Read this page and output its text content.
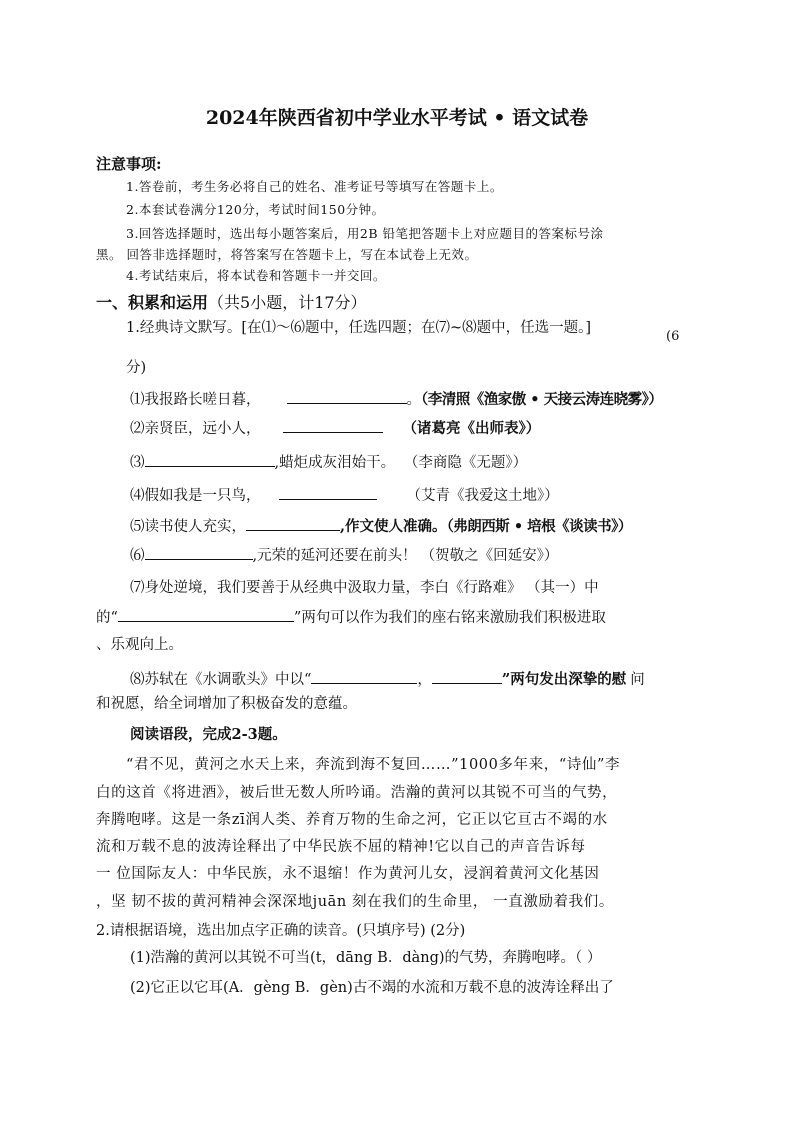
2024年陕西省初中学业水平考试 • 语文试卷
注意事项:
1.答卷前，考生务必将自己的姓名、准考证号等填写在答题卡上。
2.本套试卷满分120分，考试时间150分钟。
3.回答选择题时，选出每小题答案后，用2B 铅笔把答题卡上对应题目的答案标号涂
黑。 回答非选择题时，将答案写在答题卡上，写在本试卷上无效。
4.考试结束后，将本试卷和答题卡一并交回。
一、积累和运用（共5小题，计17分）
1.经典诗文默写。[在⑴～⑹题中，任选四题；在⑺~⑻题中，任选一题。]
(6
分)
⑴我报路长嗟日暮，	。（李清照《渔家傲 • 天接云涛连晓雾》）
⑵亲贤臣，远小人，	（诸葛亮《出师表》）
⑶	,蜡炬成灰泪始干。 （李商隐《无题》）
⑷假如我是一只鸟，	（艾青《我爱这土地》）
⑸读书使人充实，	,作文使人准确。（弗朗西斯 • 培根《谈读书》）
⑹	,元荣的延河还要在前头！ （贺敬之《回延安》）
⑺身处逆境，我们要善于从经典中汲取力量，李白《行路难》 （其一）中
的“	”两句可以作为我们的座右铭来激励我们积极进取
、乐观向上。
⑻苏轼在《水调歌头》中以“	，	”两句发出深挚的慰 问
和祝愿，给全词增加了积极奋发的意蕴。
阅读语段，完成2-3题。
“君不见，黄河之水天上来，奔流到海不复回……”1000多年来，“诗仙”李
白的这首《将进酒》，被后世无数人所吟诵。浩瀚的黄河以其锐不可当的气势，
奔腾咆哮。这是一条zī润人类、养育万物的生命之河，它正以它亘古不竭的水
流和万载不息的波涛诠释出了中华民族不屈的精神!它以自己的声音告诉每
一 位国际友人：中华民族，永不退缩！作为黄河儿女，浸润着黄河文化基因
，坚 韧不拔的黄河精神会深深地juān 刻在我们的生命里， 一直激励着我们。
2.请根据语境，选出加点字正确的读音。(只填序号) (2分)
(1)浩瀚的黄河以其锐不可当(t，dāng B．dàng)的气势，奔腾咆哮。（ ）
(2)它正以它耳(A．gèng B．gèn)古不竭的水流和万载不息的波涛诠释出了
